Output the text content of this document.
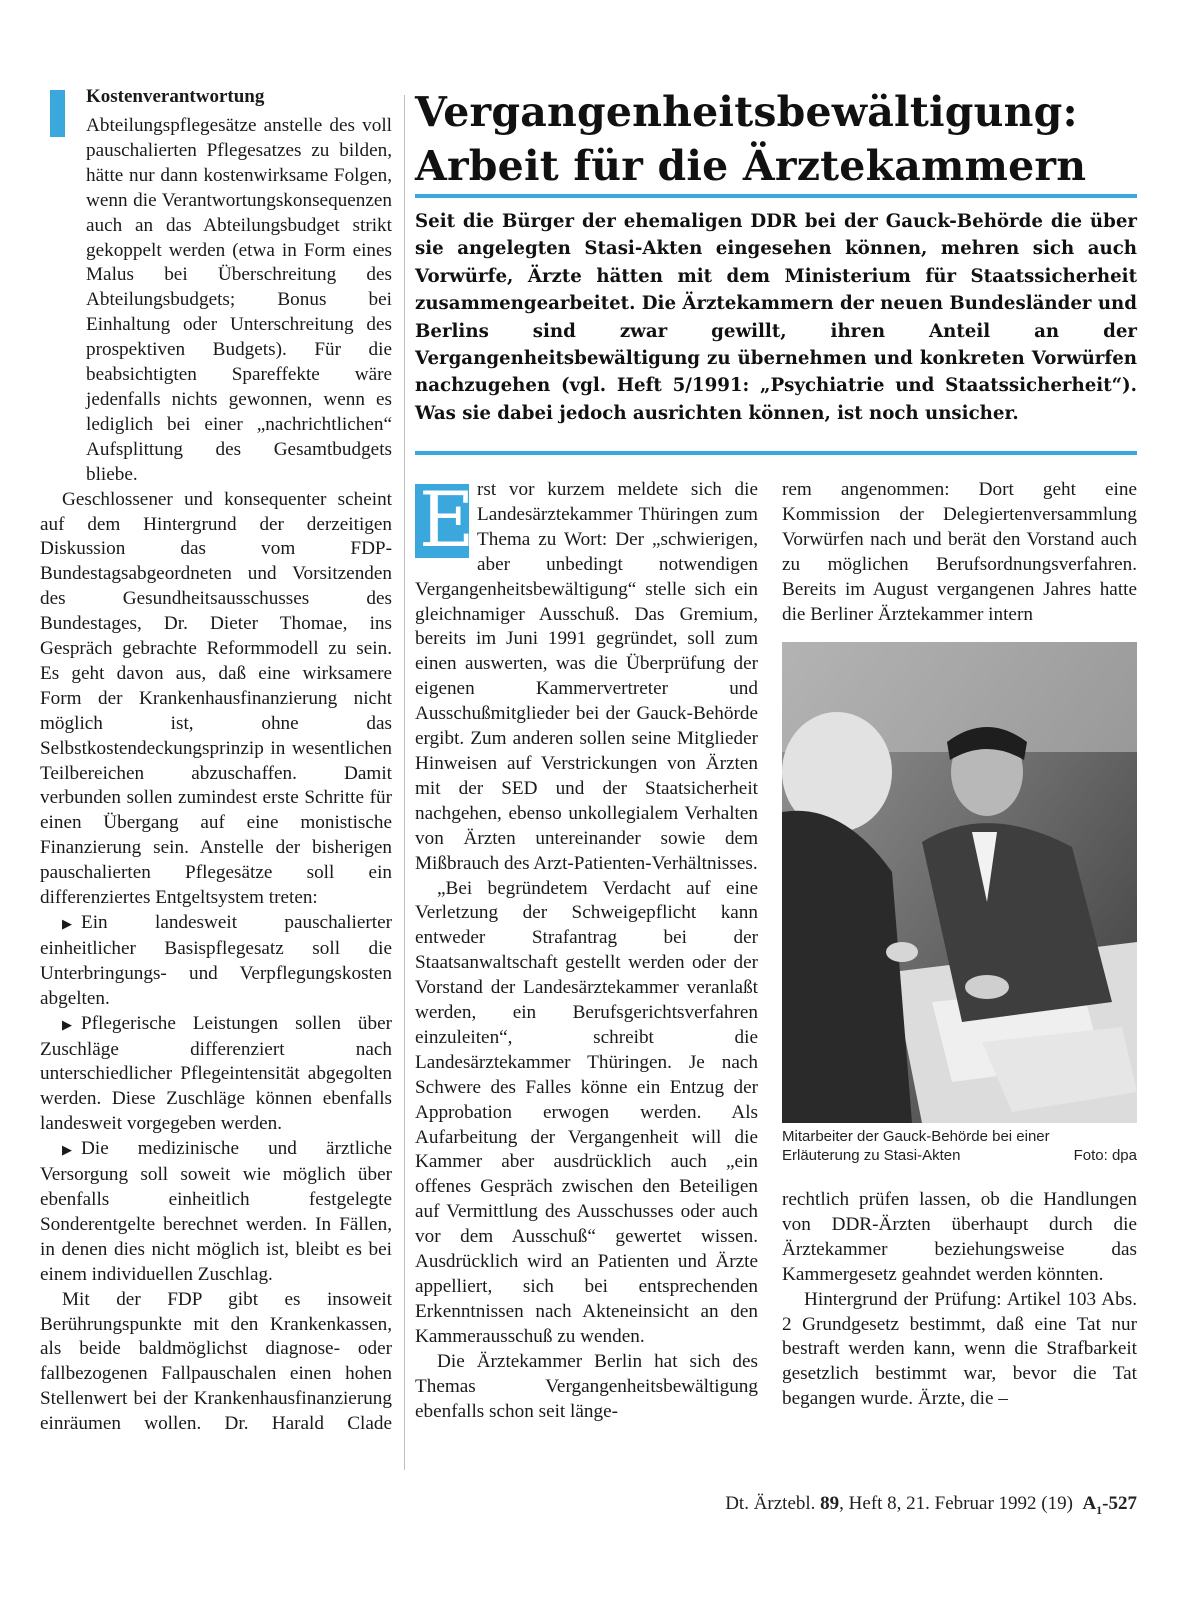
Kostenverantwortung

Abteilungspflegesätze anstelle des voll pauschalierten Pflegesatzes zu bilden, hätte nur dann kostenwirksame Folgen, wenn die Verantwortungskonsequenzen auch an das Abteilungsbudget strikt gekoppelt werden (etwa in Form eines Malus bei Überschreitung des Abteilungsbudgets; Bonus bei Einhaltung oder Unterschreitung des prospektiven Budgets). Für die beabsichtigten Spareffekte wäre jedenfalls nichts gewonnen, wenn es lediglich bei einer „nachrichtlichen“ Aufsplittung des Gesamtbudgets bliebe.

Geschlossener und konsequenter scheint auf dem Hintergrund der derzeitigen Diskussion das vom FDP-Bundestagsabgeordneten und Vorsitzenden des Gesundheitsausschusses des Bundestages, Dr. Dieter Thomae, ins Gespräch gebrachte Reformmodell zu sein. Es geht davon aus, daß eine wirksamere Form der Krankenhausfinanzierung nicht möglich ist, ohne das Selbstkostendeckungsprinzip in wesentlichen Teilbereichen abzuschaffen. Damit verbunden sollen zumindest erste Schritte für einen Übergang auf eine monistische Finanzierung sein. Anstelle der bisherigen pauschalierten Pflegesätze soll ein differenziertes Entgeltsystem treten:

▶ Ein landesweit pauschalierter einheitlicher Basispflegesatz soll die Unterbringungs- und Verpflegungskosten abgelten.

▶ Pflegerische Leistungen sollen über Zuschläge differenziert nach unterschiedlicher Pflegeintensität abgegolten werden. Diese Zuschläge können ebenfalls landesweit vorgegeben werden.

▶ Die medizinische und ärztliche Versorgung soll soweit wie möglich über ebenfalls einheitlich festgelegte Sonderentgelte berechnet werden. In Fällen, in denen dies nicht möglich ist, bleibt es bei einem individuellen Zuschlag.

Mit der FDP gibt es insoweit Berührungspunkte mit den Krankenkassen, als beide baldmöglichst diagnose- oder fallbezogenen Fallpauschalen einen hohen Stellenwert bei der Krankenhausfinanzierung einräumen wollen. Dr. Harald Clade

Vergangenheitsbewältigung:
Arbeit für die Ärztekammern

Seit die Bürger der ehemaligen DDR bei der Gauck-Behörde die über sie angelegten Stasi-Akten eingesehen können, mehren sich auch Vorwürfe, Ärzte hätten mit dem Ministerium für Staatssicherheit zusammengearbeitet. Die Ärztekammern der neuen Bundesländer und Berlins sind zwar gewillt, ihren Anteil an der Vergangenheitsbewältigung zu übernehmen und konkreten Vorwürfen nachzugehen (vgl. Heft 5/1991: „Psychiatrie und Staatssicherheit“). Was sie dabei jedoch ausrichten können, ist noch unsicher.

E rst vor kurzem meldete sich die Landesärztekammer Thüringen zum Thema zu Wort: Der „schwierigen, aber unbedingt notwendigen Vergangenheitsbewältigung“ stelle sich ein gleichnamiger Ausschuß. Das Gremium, bereits im Juni 1991 gegründet, soll zum einen auswerten, was die Überprüfung der eigenen Kammervertreter und Ausschußmitglieder bei der Gauck-Behörde ergibt. Zum anderen sollen seine Mitglieder Hinweisen auf Verstrickungen von Ärzten mit der SED und der Staatsicherheit nachgehen, ebenso unkollegialem Verhalten von Ärzten untereinander sowie dem Mißbrauch des Arzt-Patienten-Verhältnisses.

„Bei begründetem Verdacht auf eine Verletzung der Schweigepflicht kann entweder Strafantrag bei der Staatsanwaltschaft gestellt werden oder der Vorstand der Landesärztekammer veranlaßt werden, ein Berufsgerichtsverfahren einzuleiten“, schreibt die Landesärztekammer Thüringen. Je nach Schwere des Falles könne ein Entzug der Approbation erwogen werden. Als Aufarbeitung der Vergangenheit will die Kammer aber ausdrücklich auch „ein offenes Gespräch zwischen den Beteiligen auf Vermittlung des Ausschusses oder auch vor dem Ausschuß“ gewertet wissen. Ausdrücklich wird an Patienten und Ärzte appelliert, sich bei entsprechenden Erkenntnissen nach Akteneinsicht an den Kammerausschuß zu wenden.

Die Ärztekammer Berlin hat sich des Themas Vergangenheitsbewältigung ebenfalls schon seit länge-

rem angenommen: Dort geht eine Kommission der Delegiertenversammlung Vorwürfen nach und berät den Vorstand auch zu möglichen Berufsordnungsverfahren. Bereits im August vergangenen Jahres hatte die Berliner Ärztekammer intern

Mitarbeiter der Gauck-Behörde bei einer
Erläuterung zu Stasi-Akten	Foto: dpa

rechtlich prüfen lassen, ob die Handlungen von DDR-Ärzten überhaupt durch die Ärztekammer beziehungsweise das Kammergesetz geahndet werden könnten.

Hintergrund der Prüfung: Artikel 103 Abs. 2 Grundgesetz bestimmt, daß eine Tat nur bestraft werden kann, wenn die Strafbarkeit gesetzlich bestimmt war, bevor die Tat begangen wurde. Ärzte, die –

Dt. Ärztebl. 89, Heft 8, 21. Februar 1992 (19) $A_1-527$
